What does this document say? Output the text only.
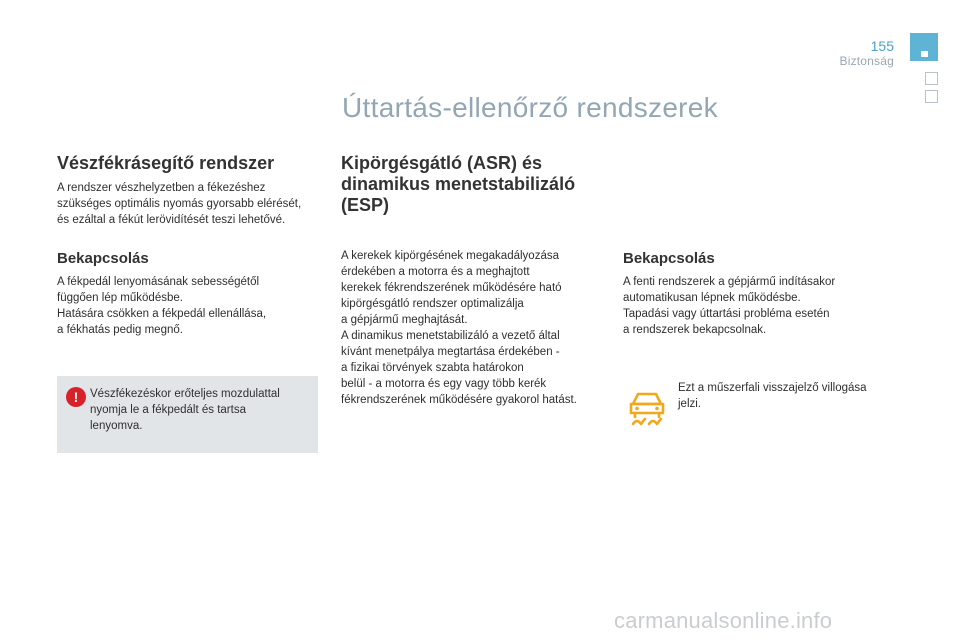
155
Biztonság
Úttartás-ellenőrző rendszerek
Vészfékrásegítő rendszer

A rendszer vészhelyzetben a fékezéshez

szükséges optimális nyomás gyorsabb elérését,

és ezáltal a fékút lerövidítését teszi lehetővé.

Bekapcsolás

A fékpedál lenyomásának sebességétől

függően lép működésbe.

Hatására csökken a fékpedál ellenállása,

a fékhatás pedig megnő.

!	Vészfékezéskor erőteljes mozdulattal

nyomja le a fékpedált és tartsa

lenyomva.

Kipörgésgátló (ASR) és
dinamikus menetstabilizáló
(ESP)

A kerekek kipörgésének megakadályozása

érdekében a motorra és a meghajtott

kerekek fékrendszerének működésére ható

kipörgésgátló rendszer optimalizálja

a gépjármű meghajtását.

A dinamikus menetstabilizáló a vezető által

kívánt menetpálya megtartása érdekében -

a fizikai törvények szabta határokon

belül - a motorra és egy vagy több kerék

fékrendszerének működésére gyakorol hatást.

Bekapcsolás

A fenti rendszerek a gépjármű indításakor

automatikusan lépnek működésbe.

Tapadási vagy úttartási probléma esetén

a rendszerek bekapcsolnak.

Ezt a műszerfali visszajelző villogása

jelzi.

carmanualsonline.info
